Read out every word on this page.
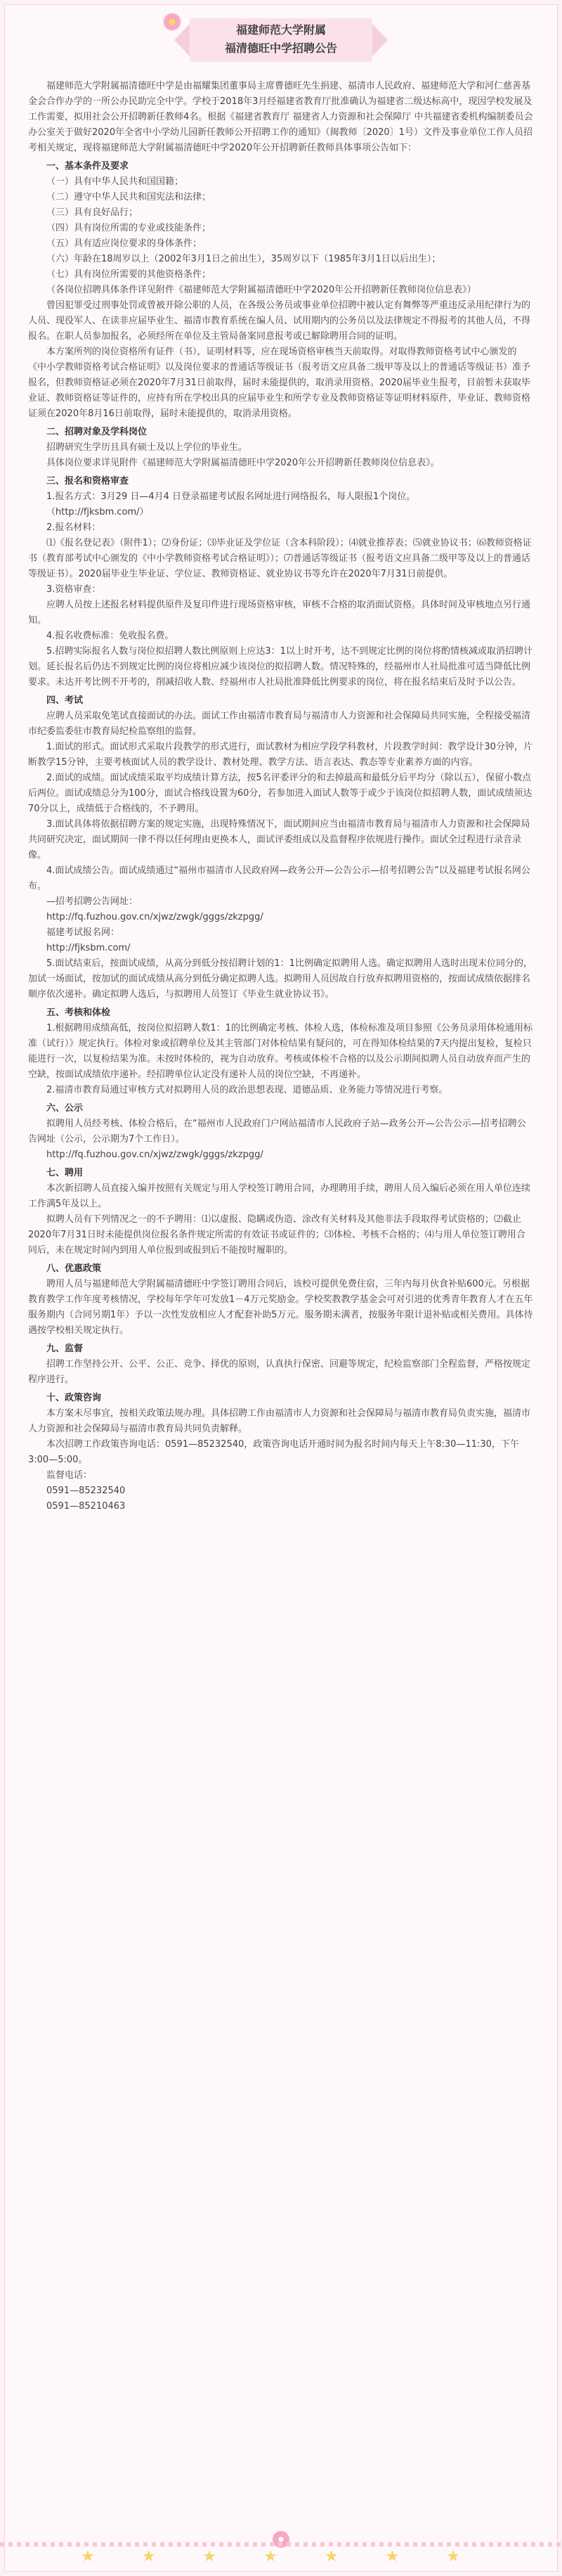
福建师范大学附属
福清德旺中学招聘公告

福建师范大学附属福清德旺中学是由福耀集团董事局主席曹德旺先生捐建、福清市人民政府、福建师范大学和河仁慈善基金会合作办学的一所公办民助完全中学。学校于2018年3月经福建省教育厅批准确认为福建省二级达标高中，现因学校发展及工作需要，拟用社会公开招聘新任教师4名。根据《福建省教育厅 福建省人力资源和社会保障厅 中共福建省委机构编制委员会办公室关于做好2020年全省中小学幼儿园新任教师公开招聘工作的通知》（闽教师〔2020〕1号）文件及事业单位工作人员招考相关规定，现将福建师范大学附属福清德旺中学2020年公开招聘新任教师具体事项公告如下：

一、基本条件及要求

（一）具有中华人民共和国国籍；

（二）遵守中华人民共和国宪法和法律；

（三）具有良好品行；

（四）具有岗位所需的专业或技能条件；

（五）具有适应岗位要求的身体条件；

（六）年龄在18周岁以上（2002年3月1日之前出生），35周岁以下（1985年3月1日以后出生）；

（七）具有岗位所需要的其他资格条件；

（各岗位招聘具体条件详见附件《福建师范大学附属福清德旺中学2020年公开招聘新任教师岗位信息表》）

曾因犯罪受过刑事处罚或曾被开除公职的人员，在各级公务员或事业单位招聘中被认定有舞弊等严重违反录用纪律行为的人员、现役军人、在读非应届毕业生、福清市教育系统在编人员、试用期内的公务员以及法律规定不得报考的其他人员，不得报名。在职人员参加报名，必须经所在单位及主管局备案同意报考或已解除聘用合同的证明。

本方案所列的岗位资格所有证件（书），证明材料等，应在现场资格审核当天前取得。对取得教师资格考试中心颁发的《中小学教师资格考试合格证明》以及岗位要求的普通话等级证书（报考语文应具备二级甲等及以上的普通话等级证书）准予报名，但教师资格证必须在2020年7月31日前取得，届时未能提供的，取消录用资格。2020届毕业生报考，目前暂未获取毕业证、教师资格证等证件的，应持有所在学校出具的应届毕业生和所学专业及教师资格证等证明材料原件，毕业证、教师资格证须在2020年8月16日前取得，届时未能提供的，取消录用资格。

二、招聘对象及学科岗位

招聘研究生学历且具有硕士及以上学位的毕业生。

具体岗位要求详见附件《福建师范大学附属福清德旺中学2020年公开招聘新任教师岗位信息表》。

三、报名和资格审查

1.报名方式：3月29 日—4月4 日登录福建考试报名网址进行网络报名，每人限报1个岗位。

（http://fjksbm.com/）

2.报名材料：

⑴《报名登记表》（附件1）；⑵身份证；⑶毕业证及学位证（含本科阶段）；⑷就业推荐表；⑸就业协议书；⑹教师资格证书（教育部考试中心颁发的《中小学教师资格考试合格证明》）；⑺普通话等级证书（报考语文应具备二级甲等及以上的普通话等级证书）。2020届毕业生毕业证、学位证、教师资格证、就业协议书等允许在2020年7月31日前提供。

3.资格审查：

应聘人员按上述报名材料提供原件及复印件进行现场资格审核，审核不合格的取消面试资格。具体时间及审核地点另行通知。

4.报名收费标准：免收报名费。

5.招聘实际报名人数与岗位拟招聘人数比例原则上应达3：1以上时开考，达不到规定比例的岗位将酌情核减或取消招聘计划。延长报名后仍达不到规定比例的岗位将相应减少该岗位的拟招聘人数。情况特殊的，经福州市人社局批准可适当降低比例要求。未达开考比例不开考的，削减招收人数、经福州市人社局批准降低比例要求的岗位，将在报名结束后及时予以公告。

四、考试

应聘人员采取免笔试直接面试的办法。面试工作由福清市教育局与福清市人力资源和社会保障局共同实施，全程接受福清市纪委监委驻市教育局纪检监察组的监督。

1.面试的形式。面试形式采取片段教学的形式进行，面试教材为相应学段学科教材，片段教学时间：教学设计30分钟，片断教学15分钟，主要考核面试人员的教学设计、教材处理、教学方法、语言表达、教态等专业素养方面的内容。

2.面试的成绩。面试成绩采取平均成绩计算方法，按5名评委评分的和去掉最高和最低分后平均分（除以五），保留小数点后两位。面试成绩总分为100分，面试合格线设置为60分，若参加进入面试人数等于或少于该岗位拟招聘人数，面试成绩须达70分以上，成绩低于合格线的，不予聘用。

3.面试具体将依据招聘方案的规定实施，出现特殊情况下，面试期间应当由福清市教育局与福清市人力资源和社会保障局共同研究决定，面试期间一律不得以任何理由更换本人，面试评委组成以及监督程序依规进行操作。面试全过程进行录音录像。

4.面试成绩公告。面试成绩通过“福州市福清市人民政府网—政务公开—公告公示—招考招聘公告”以及福建考试报名网公布。

—招考招聘公告网址：

http://fq.fuzhou.gov.cn/xjwz/zwgk/gggs/zkzpgg/

福建考试报名网：

http://fjksbm.com/

5.面试结束后，按面试成绩，从高分到低分按招聘计划的1：1比例确定拟聘用人选。确定拟聘用人选时出现末位同分的，加试一场面试，按加试的面试成绩从高分到低分确定拟聘人选。拟聘用人员因故自行放弃拟聘用资格的，按面试成绩依据排名顺序依次递补。确定拟聘人选后，与拟聘用人员签订《毕业生就业协议书》。

五、考核和体检

1.根据聘用成绩高低，按岗位拟招聘人数1：1的比例确定考核、体检人选，体检标准及项目参照《公务员录用体检通用标准（试行）》规定执行。体检对象或招聘单位及其主管部门对体检结果有疑问的，可在得知体检结果的7天内提出复检，复检只能进行一次，以复检结果为准。未按时体检的，视为自动放弃。考核或体检不合格的以及公示期间拟聘人员自动放弃而产生的空缺，按面试成绩依序递补。经招聘单位认定没有递补人员的岗位空缺，不再递补。

2.福清市教育局通过审核方式对拟聘用人员的政治思想表现、道德品质、业务能力等情况进行考察。

六、公示

拟聘用人员经考核、体检合格后，在“福州市人民政府门户网站福清市人民政府子站—政务公开—公告公示—招考招聘公告网址（公示，公示期为7个工作日）。

http://fq.fuzhou.gov.cn/xjwz/zwgk/gggs/zkzpgg/

七、聘用

本次新招聘人员直接入编并按照有关规定与用人学校签订聘用合同，办理聘用手续，聘用人员入编后必须在用人单位连续工作满5年及以上。

拟聘人员有下列情况之一的不予聘用：⑴以虚报、隐瞒或伪造、涂改有关材料及其他非法手段取得考试资格的；⑵截止2020年7月31日时未能提供岗位报名条件规定所需的有效证书或证件的；⑶体检、考核不合格的；⑷与用人单位签订聘用合同后，未在规定时间内到用人单位报到或报到后不能按时履职的。

八、优惠政策

聘用人员与福建师范大学附属福清德旺中学签订聘用合同后，该校可提供免费住宿，三年内每月伙食补贴600元。另根据教育教学工作年度考核情况，学校每年学年可发放1－4万元奖励金。学校奖教教学基金会可对引进的优秀青年教育人才在五年服务期内（合同另期1年）予以一次性发放相应人才配套补助5万元。服务期未满者，按服务年限计退补贴或相关费用。具体待遇按学校相关规定执行。

九、监督

招聘工作坚持公开、公平、公正、竞争、择优的原则，认真执行保密、回避等规定，纪检监察部门全程监督，严格按规定程序进行。

十、政策咨询

本方案未尽事宜，按相关政策法规办理。具体招聘工作由福清市人力资源和社会保障局与福清市教育局负责实施，福清市人力资源和社会保障局与福清市教育局共同负责解释。

本次招聘工作政策咨询电话：0591—85232540，政策咨询电话开通时间为报名时间内每天上午8:30—11:30，下午3:00—5:00。

监督电话：

0591—85232540

0591—85210463

★ ★ ★ ★ ★ ★ ★
